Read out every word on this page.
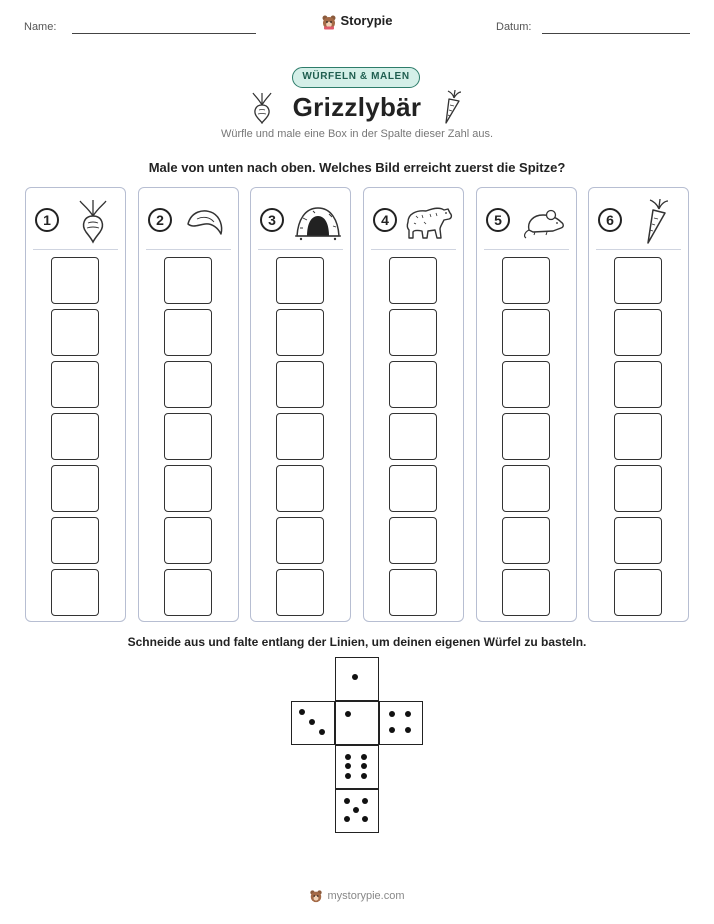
Name:	Storypie	Datum:
WÜRFELN & MALEN
Grizzlybär
Würfle und male eine Box in der Spalte dieser Zahl aus.
Male von unten nach oben. Welches Bild erreicht zuerst die Spitze?
1	2	3	4	5	6
Schneide aus und falte entlang der Linien, um deinen eigenen Würfel zu basteln.
mystorypie.com
